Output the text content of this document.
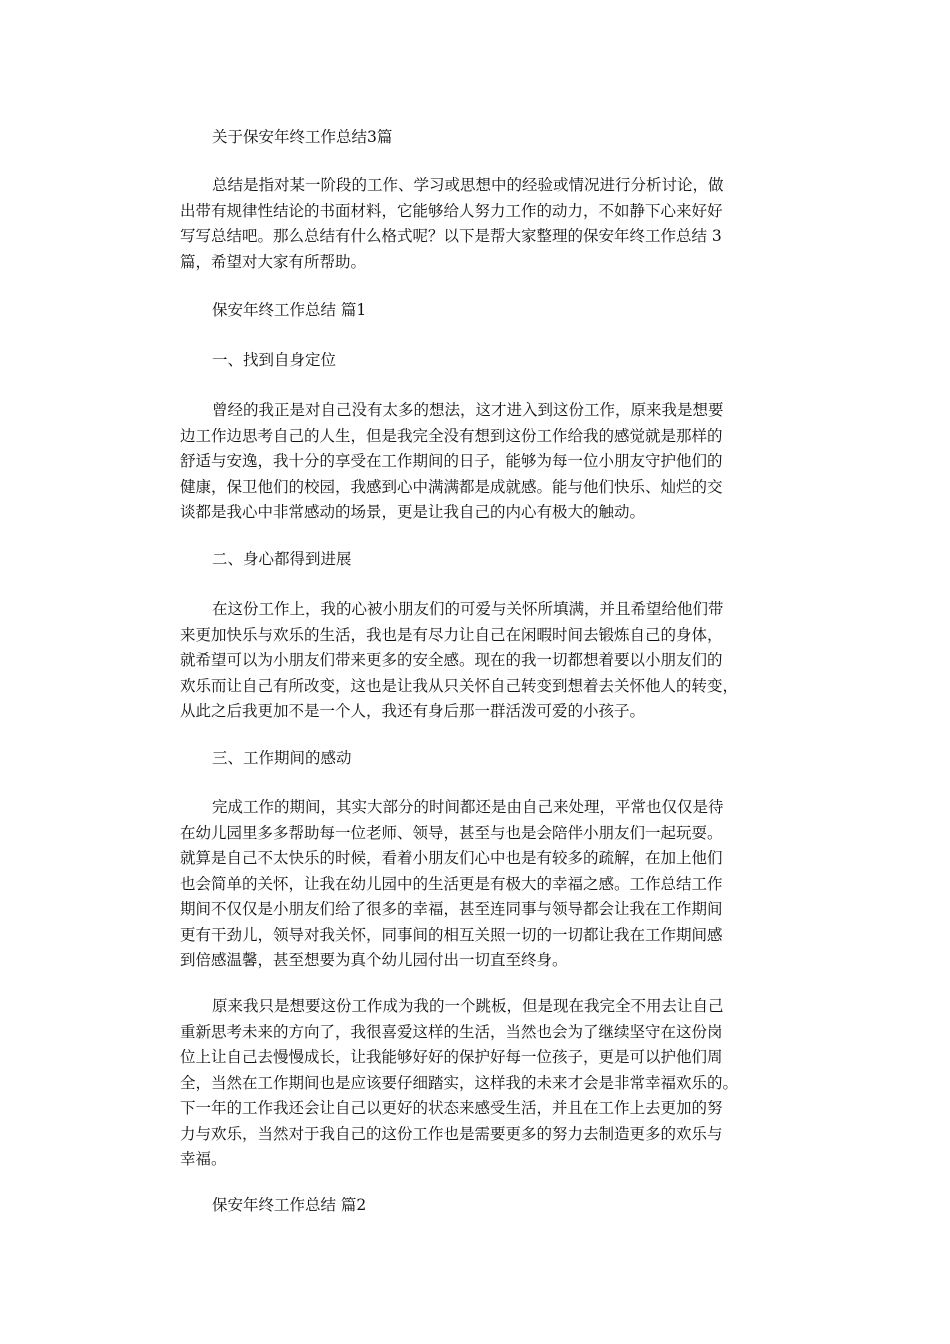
关于保安年终工作总结3篇
总结是指对某一阶段的工作、学习或思想中的经验或情况进行分析讨论，做
出带有规律性结论的书面材料，它能够给人努力工作的动力，不如静下心来好好
写写总结吧。那么总结有什么格式呢？以下是帮大家整理的保安年终工作总结 3
篇，希望对大家有所帮助。
保安年终工作总结 篇1
一、找到自身定位
曾经的我正是对自己没有太多的想法，这才进入到这份工作，原来我是想要
边工作边思考自己的人生，但是我完全没有想到这份工作给我的感觉就是那样的
舒适与安逸，我十分的享受在工作期间的日子，能够为每一位小朋友守护他们的
健康，保卫他们的校园，我感到心中满满都是成就感。能与他们快乐、灿烂的交
谈都是我心中非常感动的场景，更是让我自己的内心有极大的触动。
二、身心都得到进展
在这份工作上，我的心被小朋友们的可爱与关怀所填满，并且希望给他们带
来更加快乐与欢乐的生活，我也是有尽力让自己在闲暇时间去锻炼自己的身体，
就希望可以为小朋友们带来更多的安全感。现在的我一切都想着要以小朋友们的
欢乐而让自己有所改变，这也是让我从只关怀自己转变到想着去关怀他人的转变，
从此之后我更加不是一个人，我还有身后那一群活泼可爱的小孩子。
三、工作期间的感动
完成工作的期间，其实大部分的时间都还是由自己来处理，平常也仅仅是待
在幼儿园里多多帮助每一位老师、领导，甚至与也是会陪伴小朋友们一起玩耍。
就算是自己不太快乐的时候，看着小朋友们心中也是有较多的疏解，在加上他们
也会简单的关怀，让我在幼儿园中的生活更是有极大的幸福之感。工作总结工作
期间不仅仅是小朋友们给了很多的幸福，甚至连同事与领导都会让我在工作期间
更有干劲儿，领导对我关怀，同事间的相互关照一切的一切都让我在工作期间感
到倍感温馨，甚至想要为真个幼儿园付出一切直至终身。
原来我只是想要这份工作成为我的一个跳板，但是现在我完全不用去让自己
重新思考未来的方向了，我很喜爱这样的生活，当然也会为了继续坚守在这份岗
位上让自己去慢慢成长，让我能够好好的保护好每一位孩子，更是可以护他们周
全，当然在工作期间也是应该要仔细踏实，这样我的未来才会是非常幸福欢乐的。
下一年的工作我还会让自己以更好的状态来感受生活，并且在工作上去更加的努
力与欢乐，当然对于我自己的这份工作也是需要更多的努力去制造更多的欢乐与
幸福。
保安年终工作总结 篇2
